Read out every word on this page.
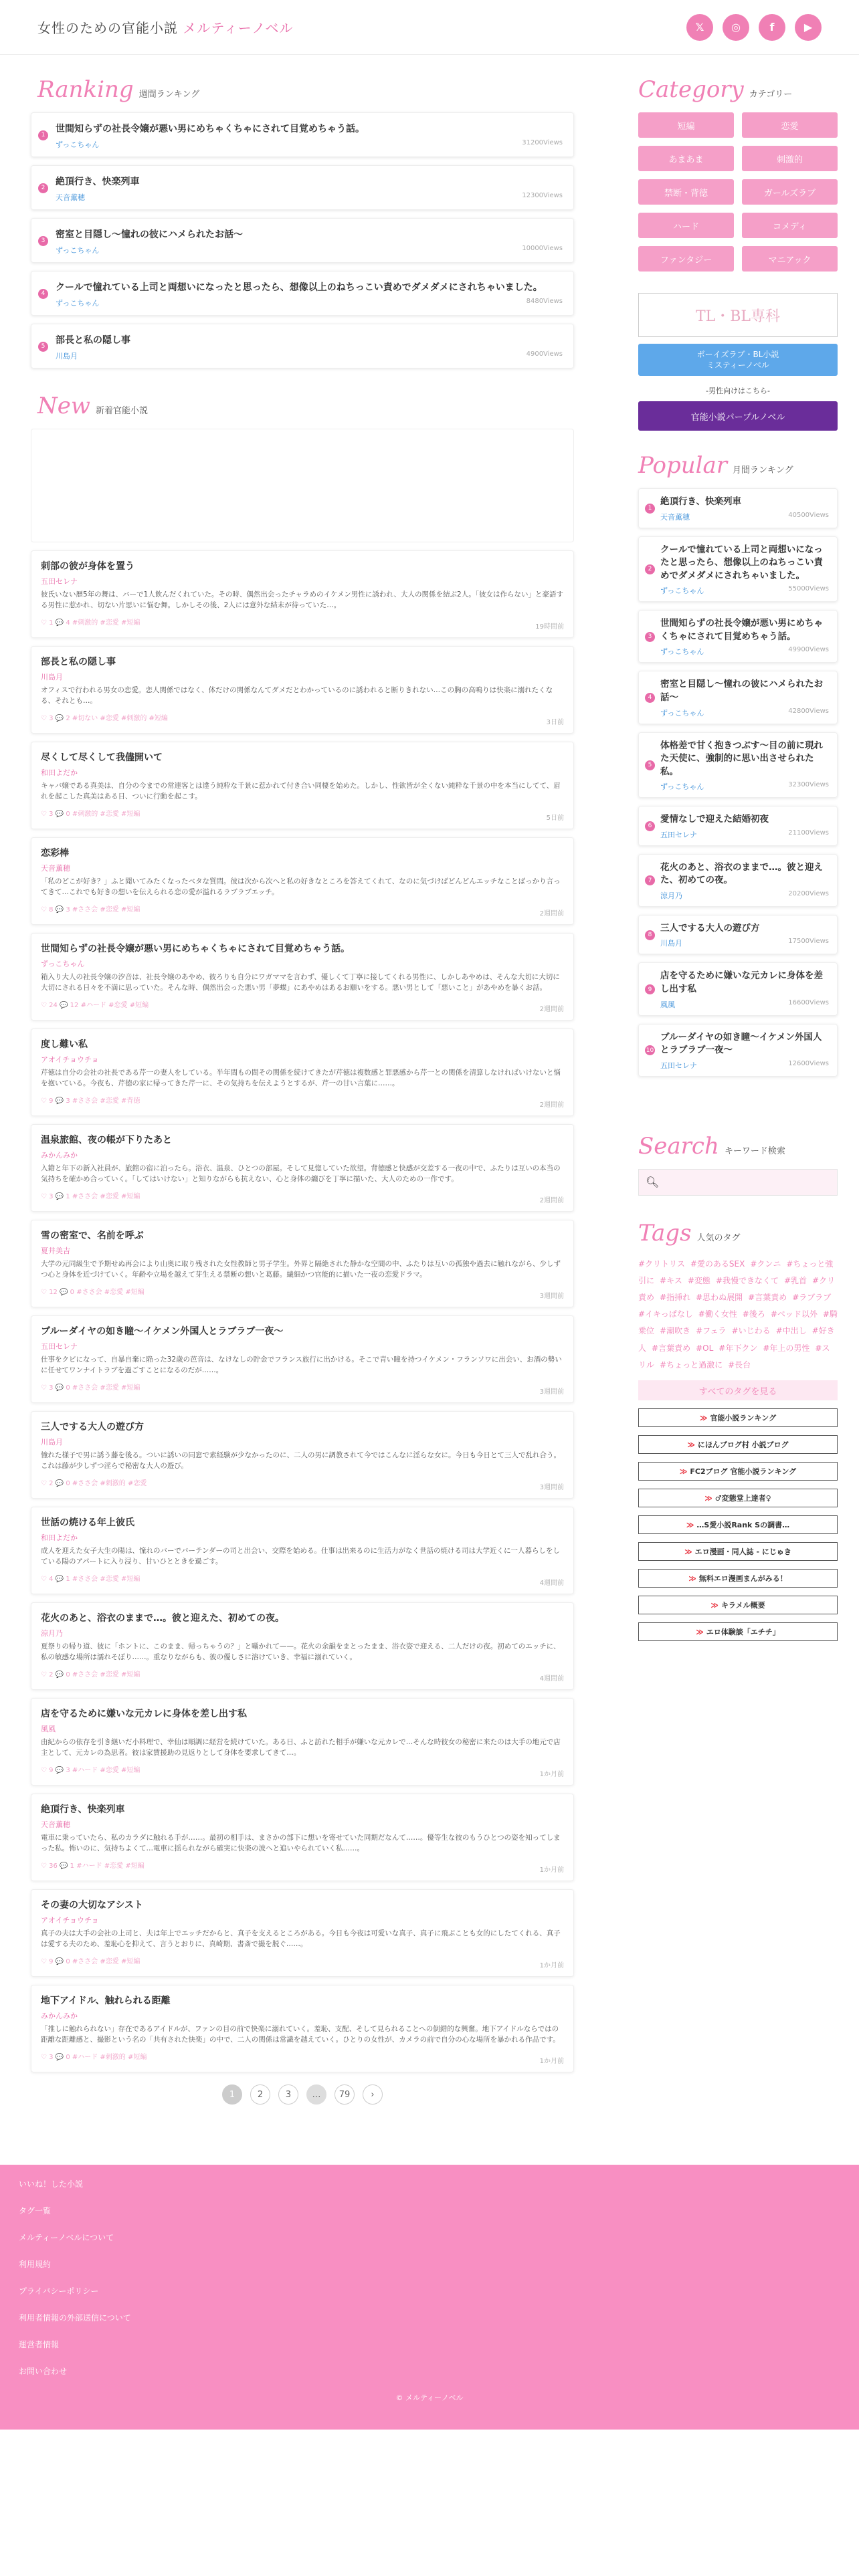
女性のための官能小説 メルティーノベル	𝕏	◎	f	▶
Ranking 週間ランキング
1
世間知らずの社長令嬢が悪い男にめちゃくちゃにされて目覚めちゃう話。
ずっこちゃん	31200Views
2
絶頂行き、快楽列車
天音薫穂	12300Views
3
密室と目隠し〜憧れの彼にハメられたお話〜
ずっこちゃん	10000Views
4
クールで憧れている上司と両想いになったと思ったら、想像以上のねちっこい責めでダメダメにされちゃいました。
ずっこちゃん	8480Views
5
部長と私の隠し事
川島月	4900Views
New 新着官能小説
刺部の彼が身体を置う
五田セレナ
彼氏いない歴5年の舞は、バーで1人飲んだくれていた。その時、偶然出会ったチャラめのイケメン男性に誘われ、大人の関係を結ぶ2人。「彼女は作らない」と豪語する男性に惹かれ、切ない片思いに悩む舞。しかしその後、2人には意外な結末が待っていた…。
♡ 1 💬 4 #刺激的 #恋愛 #短編
19時間前
部長と私の隠し事
川島月
オフィスで行われる男女の恋愛。恋人関係ではなく、体だけの関係なんてダメだとわかっているのに誘われると断りきれない…この胸の高鳴りは快楽に溺れたくなる、それとも…。
♡ 3 💬 2 #切ない #恋愛 #刺激的 #短編
3日前
尽くして尽くして我儘開いて
和田よだか
キャバ嬢である真美は、自分の今までの常連客とは違う純粋な千景に惹かれて付き合い同棲を始めた。しかし、性欲皆が全くない純粋な千景の中を本当にしてて、眉れを起こした真美はある日、ついに行動を起こす。
♡ 3 💬 0 #刺激的 #恋愛 #短編
5日前
恋彩棒
天音薫穂
「私のどこが好き？」ふと聞いてみたくなったベタな質問。彼は次から次へと私の好きなところを答えてくれて、なのに気づけばどんどんエッチなことばっかり言ってきて…これでも好きの想いを伝えられる恋の愛が溢れるラブラブエッチ。
♡ 8 💬 3 #ささ会 #恋愛 #短編
2週間前
世間知らずの社長令嬢が悪い男にめちゃくちゃにされて目覚めちゃう話。
ずっこちゃん
箱入り大人の社長令嬢の汐音は、社長令嬢のあやめ、彼ろりも自分にワガママを言わず、優しくて丁寧に接してくれる男性に、しかしあやめは、そんな大切に大切に大切にされる日々を不満に思っていた。そんな時、偶然出会った悪い男「夢蝶」にあやめはあるお願いをする。悪い男として「悪いこと」があやめを暴くお話。
♡ 24 💬 12 #ハード #恋愛 #短編
2週間前
度し難い私
アオイチョウチョ
芹徳は自分の会社の社長である芹一の妻人をしている。半年間もの間その関係を続けてきたが芹徳は複数感と罪悪感から芹一との関係を清算しなければいけないと悩を抱いている。今夜も、芹徳の家に帰ってきた芹一に、その気持ちを伝えようとするが、芹一の甘い言葉に……。
♡ 9 💬 3 #ささ会 #恋愛 #背徳
2週間前
温泉旅館、夜の帳が下りたあと
みかんみか
入籍と年下の新入社員が、旅館の宿に泊ったら。浴衣、温泉、ひとつの部屋。そして見惚していた欲望。背徳感と快感が交差する一夜の中で、ふたりは互いの本当の気持ちを確かめ合っていく。「してはいけない」と知りながらも抗えない、心と身体の纏びを丁寧に描いた、大人のための一作です。
♡ 3 💬 1 #ささ会 #恋愛 #短編
2週間前
雪の密室で、名前を呼ぶ
夏井美吉
大学の元同級生で予期せぬ再会により山奥に取り残された女性教師と男子学生。外界と隔絶された静かな空間の中、ふたりは互いの孤独や過去に触れながら、少しずつ心と身体を近づけていく。年齢や立場を越えて芽生える禁断の想いと葛藤。繊細かつ官能的に描いた一夜の恋愛ドラマ。
♡ 12 💬 0 #ささ会 #恋愛 #短編
3週間前
ブルーダイヤの如き瞳〜イケメン外国人とラブラブ一夜〜
五田セレナ
仕事をクビになって、自暴自棄に陥った32歳の芭音は、なけなしの貯金でフランス旅行に出かける。そこで青い瞳を持つイケメン・フランソワに出会い、お酒の勢いに任せてワンナイトラブを過ごすことになるのだが……。
♡ 3 💬 0 #ささ会 #恋愛 #短編
3週間前
三人でする大人の遊び方
川島月
憧れた様子で男に誘う藤を後る。ついに誘いの同窓で素経験が少なかったのに、二人の男に調教されて今ではこんなに淫らな女に。今日も今日とて三人で乱れ合う。これは藤が少しずつ淫らで秘密な大人の遊び。
♡ 2 💬 0 #ささ会 #刺激的 #恋愛
3週間前
世話の焼ける年上彼氏
和田よだか
成人を迎えた女子大生の陽は、憧れのバーでバーテンダーの司と出会い、交際を始める。仕事は出来るのに生活力がなく世話の焼ける司は大学近くに一人暮らしをしている陽のアパートに入り浸り、甘いひとときを過ごす。
♡ 4 💬 1 #ささ会 #恋愛 #短編
4週間前
花火のあと、浴衣のままで…。彼と迎えた、初めての夜。
涼月乃
夏祭りの帰り道、彼に「ホントに、このまま、帰っちゃうの？」と囁かれて——。花火の余韻をまとったまま、浴衣姿で迎える、二人だけの夜。初めてのエッチに、私の敏感な場所は濡れそぼり……。重なりながらも、彼の優しさに溶けていき、幸福に溺れていく。
♡ 2 💬 0 #ささ会 #恋愛 #短編
4週間前
店を守るために嫌いな元カレに身体を差し出す私
風風
由紀からの依存を引き継いだ小料理で、幸仙は順調に経営を続けていた。ある日、ふと訪れた相手が嫌いな元カレで…そんな時彼女の秘密に来たのは大手の地元で店主として、元カレの為思者。彼は家賃援助の見返りとして身体を要求してきて…。
♡ 9 💬 3 #ハード #恋愛 #短編
1か月前
絶頂行き、快楽列車
天音薫穂
電車に乗っていたら、私のカラダに触れる手が……。最初の相手は、まさかの部下に想いを寄せていた同期だなんて……。優等生な彼のもうひとつの姿を知ってしまった私。怖いのに、気持ちよくて…電車に揺られながら確実に快楽の波へと追いやられていく私……。
♡ 36 💬 1 #ハード #恋愛 #短編
1か月前
その妻の大切なアシスト
アオイチョウチョ
真子の夫は大手の会社の上司と、夫は年上でエッチだからと、真子を支えるところがある。今日も今夜は可愛いな真子、真子に飛ぶことも女的にしたてくれる、真子は愛する夫のため、羞恥心を抑えて、言うとおりに、真崎期、書斎で撮を脱ぐ……。
♡ 9 💬 0 #ささ会 #恋愛 #短編
1か月前
地下アイドル、触れられる距離
みかんみか
「推しに触れられない」存在であるアイドルが、ファンの目の前で快楽に溺れていく。羞恥、支配、そして見られることへの倒錯的な興奮。地下アイドルならではの距離な距離感と、撮影という名の「共有された快楽」の中で、二人の関係は常識を越えていく。ひとりの女性が、カメラの前で自分の心な場所を暴かれる作品です。
♡ 3 💬 0 #ハード #刺激的 #短編
1か月前
1	2	3	…	79	›
Category カテゴリー
短編	恋愛
あまあま	刺激的
禁断・背徳	ガールズラブ
ハード	コメディ
ファンタジー	マニアック
TL・BL専科
ボーイズラブ・BL小説
ミスティーノベル
-男性向けはこちら-
官能小説パープルノベル
Popular 月間ランキング
1
絶頂行き、快楽列車
天音薫穂	40500Views
2
クールで憧れている上司と両想いになったと思ったら、想像以上のねちっこい責めでダメダメにされちゃいました。
ずっこちゃん	55000Views
3
世間知らずの社長令嬢が悪い男にめちゃくちゃにされて目覚めちゃう話。
ずっこちゃん	49900Views
4
密室と目隠し〜憧れの彼にハメられたお話〜
ずっこちゃん	42800Views
5
体格差で甘く抱きつぶす〜目の前に現れた天使に、強制的に思い出させられた私。
ずっこちゃん	32300Views
6
愛情なしで迎えた結婚初夜
五田セレナ	21100Views
7
花火のあと、浴衣のままで…。彼と迎えた、初めての夜。
涼月乃	20200Views
8
三人でする大人の遊び方
川島月	17500Views
9
店を守るために嫌いな元カレに身体を差し出す私
風風	16600Views
10
ブルーダイヤの如き瞳〜イケメン外国人とラブラブ一夜〜
五田セレナ	12600Views
Search キーワード検索
🔍︎
Tags 人気のタグ
#クリトリス #愛のあるSEX #クンニ #ちょっと強引に #キス #変態 #我慢できなくて #乳首 #クリ責め #指挿れ #思わぬ展開 #言葉責め #ラブラブ#イキっぱなし #働く女性 #後ろ #ベッド以外 #騎乗位 #潮吹き #フェラ #いじわる #中出し #好き人 #言葉責め #OL #年下クン #年上の男性 #スリル #ちょっと過激に #長台
すべてのタグを見る
≫ 官能小説ランキング
≫ にほんブログ村 小説ブログ
≫ FC2ブログ 官能小説ランキング
≫ ♂変態堂上達者♀
≫ …S愛小説Rank Sの調書…
≫ エロ漫画・同人誌 - にじゅき
≫ 無料エロ漫画まんがみる！
≫ キラメル概要
≫ エロ体験談「エチチ」
いいね！した小説
タグ一覧
メルティーノベルについて
利用規約
プライバシーポリシー
利用者情報の外部送信について
運営者情報
お問い合わせ
© メルティーノベル
